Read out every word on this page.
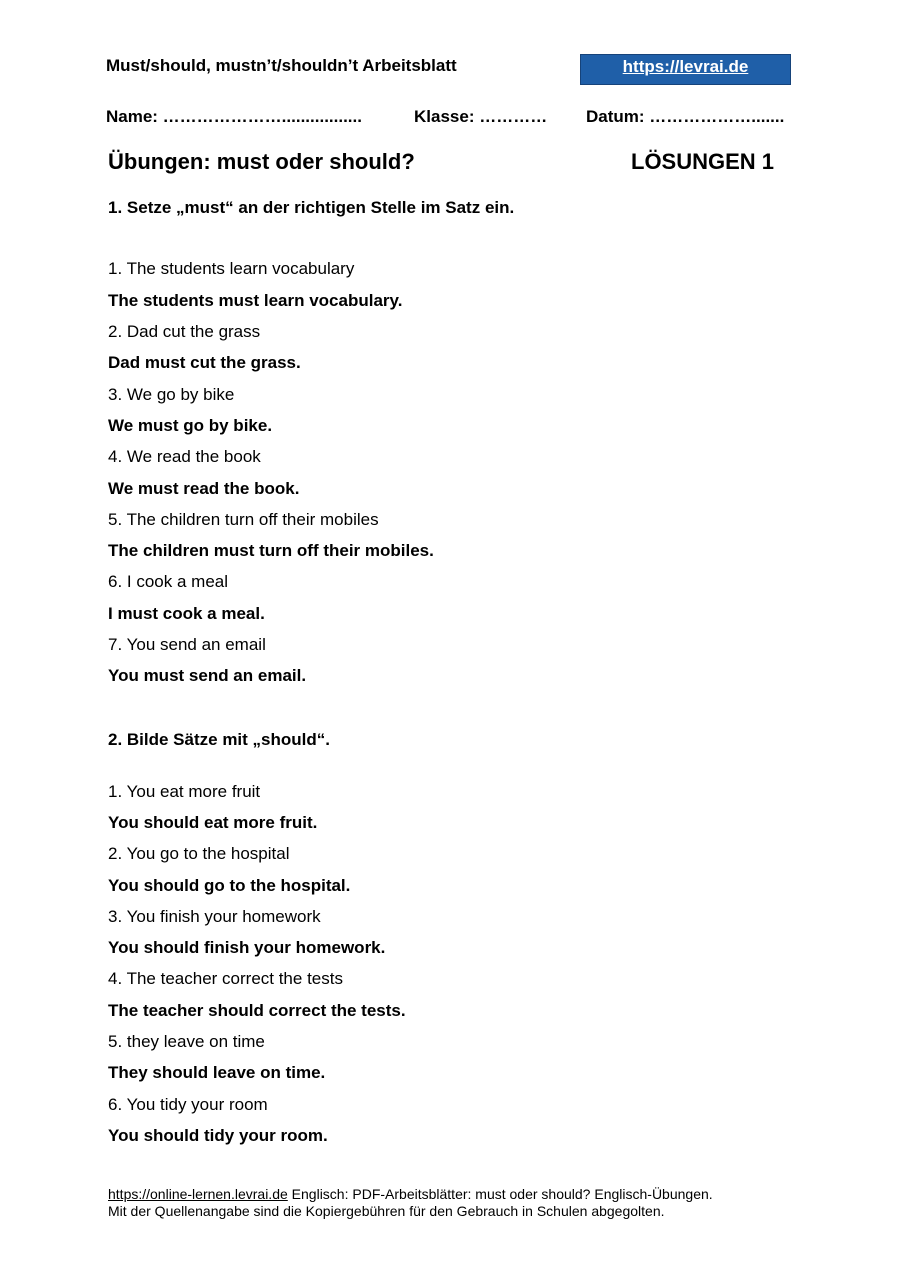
Must/should, mustn’t/shouldn’t Arbeitsblatt	https://levrai.de
Name: ………………….................	Klasse: ………… Datum: ……………….......
Übungen: must oder should?	LÖSUNGEN 1
1. Setze „must“ an der richtigen Stelle im Satz ein.
1. The students learn vocabulary
The students must learn vocabulary.
2. Dad cut the grass
Dad must cut the grass.
3. We go by bike
We must go by bike.
4. We read the book
We must read the book.
5. The children turn off their mobiles
The children must turn off their mobiles.
6. I cook a meal
I must cook a meal.
7. You send an email
You must send an email.
2. Bilde Sätze mit „should“.
1. You eat more fruit
You should eat more fruit.
2. You go to the hospital
You should go to the hospital.
3. You finish your homework
You should finish your homework.
4. The teacher correct the tests
The teacher should correct the tests.
5. they leave on time
They should leave on time.
6. You tidy your room
You should tidy your room.
https://online-lernen.levrai.de Englisch: PDF-Arbeitsblätter: must oder should? Englisch-Übungen.
Mit der Quellenangabe sind die Kopiergebühren für den Gebrauch in Schulen abgegolten.
